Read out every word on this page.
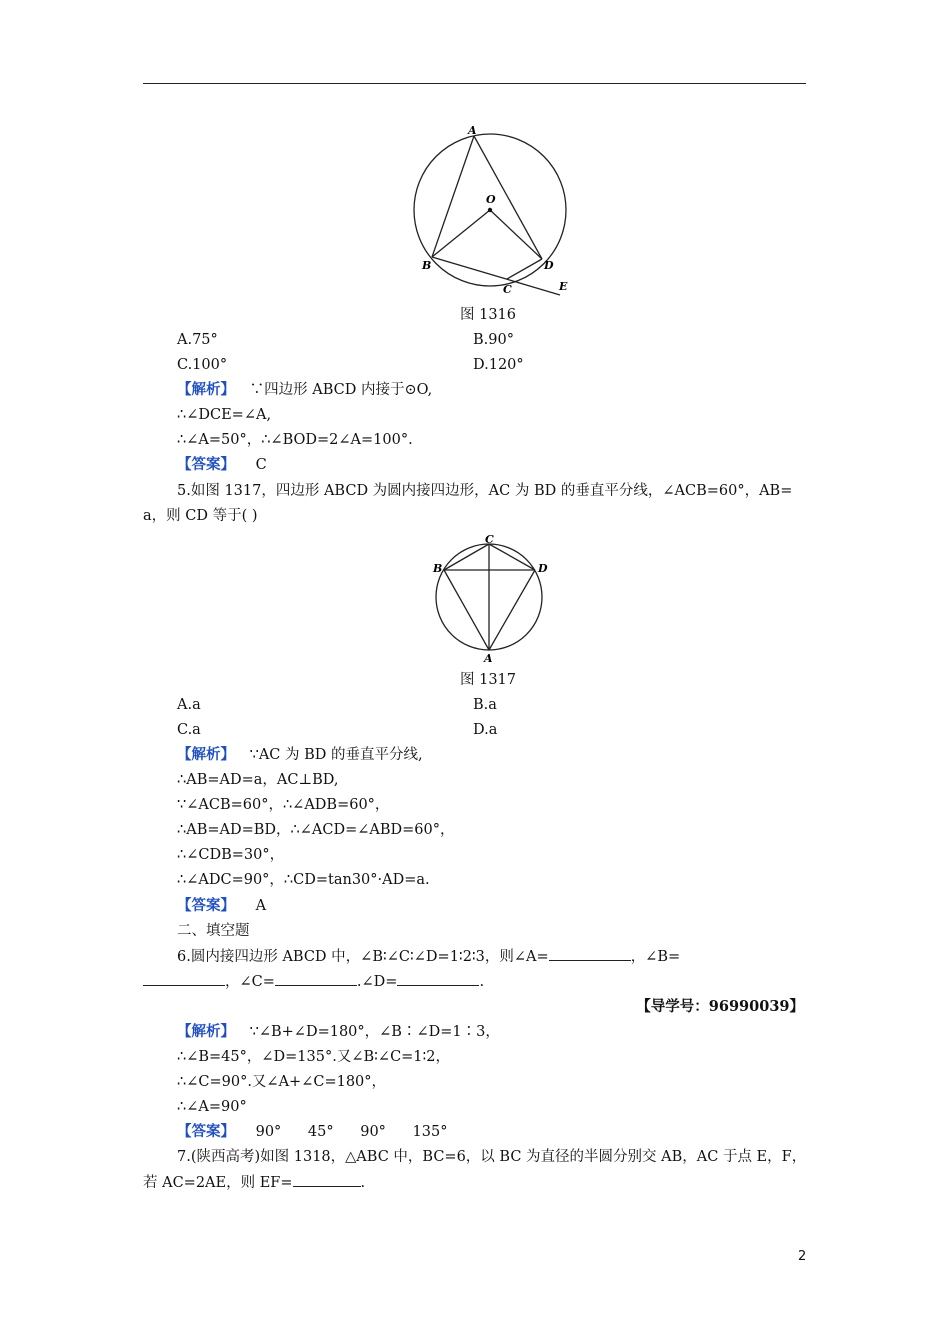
A
O
B
C
D
E
图 1316
A.75°	B.90°
C.100°	D.120°
【解析】 ∵四边形 ABCD 内接于⊙O,
∴∠DCE=∠A,
∴∠A=50°，∴∠BOD=2∠A=100°.
【答案】 C
5.如图 1317，四边形 ABCD 为圆内接四边形，AC 为 BD 的垂直平分线，∠ACB=60°，AB=
a，则 CD 等于( )
C
B	D
A
图 1317
A.a	B.a
C.a	D.a
【解析】 ∵AC 为 BD 的垂直平分线,
∴AB=AD=a，AC⊥BD,
∵∠ACB=60°，∴∠ADB=60°，
∴AB=AD=BD，∴∠ACD=∠ABD=60°，
∴∠CDB=30°，
∴∠ADC=90°，∴CD=tan30°·AD=a.
【答案】 A
二、填空题
6.圆内接四边形 ABCD 中，∠B∶∠C∶∠D=1∶2∶3，则∠A=	，∠B=
，∠C=	.∠D=	.
【导学号：96990039】
【解析】 ∵∠B+∠D=180°，∠B∶∠D=1∶3，
∴∠B=45°，∠D=135°.又∠B∶∠C=1∶2，
∴∠C=90°.又∠A+∠C=180°，
∴∠A=90°
【答案】 90° 45° 90° 135°
7.(陕西高考)如图 1318，△ABC 中，BC=6，以 BC 为直径的半圆分别交 AB，AC 于点 E，F，
若 AC=2AE，则 EF=	.
2
